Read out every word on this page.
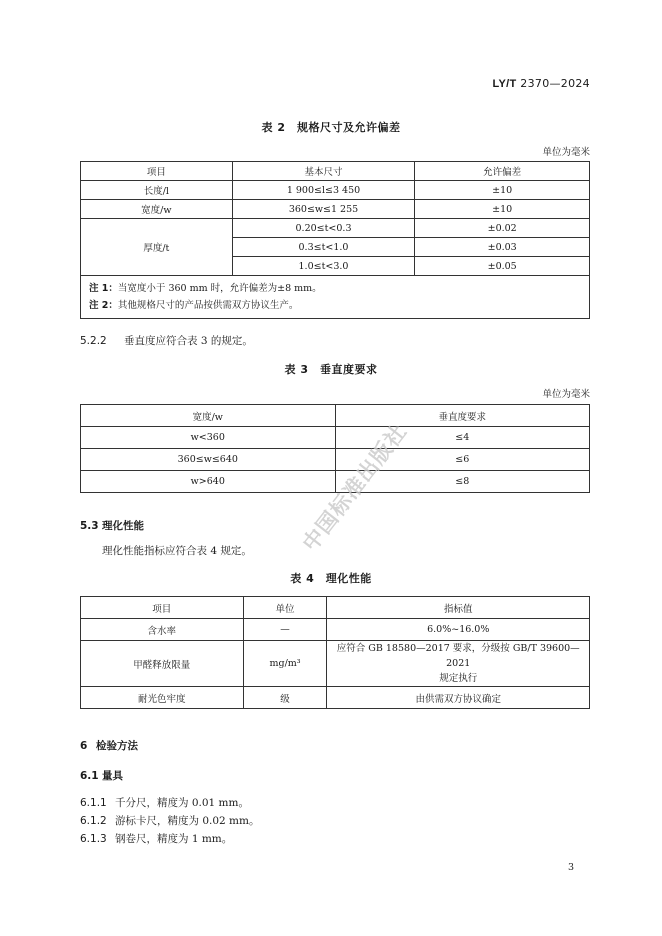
LY/T 2370—2024
表 2　规格尺寸及允许偏差
单位为毫米
项目	基本尺寸	允许偏差
长度/l	1 900≤l≤3 450	±10
宽度/w	360≤w≤1 255	±10
厚度/t	0.20≤t<0.3	±0.02
	0.3≤t<1.0	±0.03
	1.0≤t<3.0	±0.05

注 1：当宽度小于 360 mm 时，允许偏差为±8 mm。
注 2：其他规格尺寸的产品按供需双方协议生产。		
5.2.2 垂直度应符合表 3 的规定。
表 3　垂直度要求
单位为毫米
宽度/w	垂直度要求
w<360	≤4
360≤w≤640	≤6
w>640	≤8
5.3 理化性能
理化性能指标应符合表 4 规定。
表 4　理化性能
项目	单位	指标值
含水率	—	6.0%~16.0%
甲醛释放限量	mg/m³	应符合 GB 18580—2017 要求，分级按 GB/T 39600—2021
规定执行

耐光色牢度	级	由供需双方协议确定
6 检验方法
6.1 量具
6.1.1 千分尺，精度为 0.01 mm。
6.1.2 游标卡尺，精度为 0.02 mm。
6.1.3 钢卷尺，精度为 1 mm。
3
中国标准出版社
